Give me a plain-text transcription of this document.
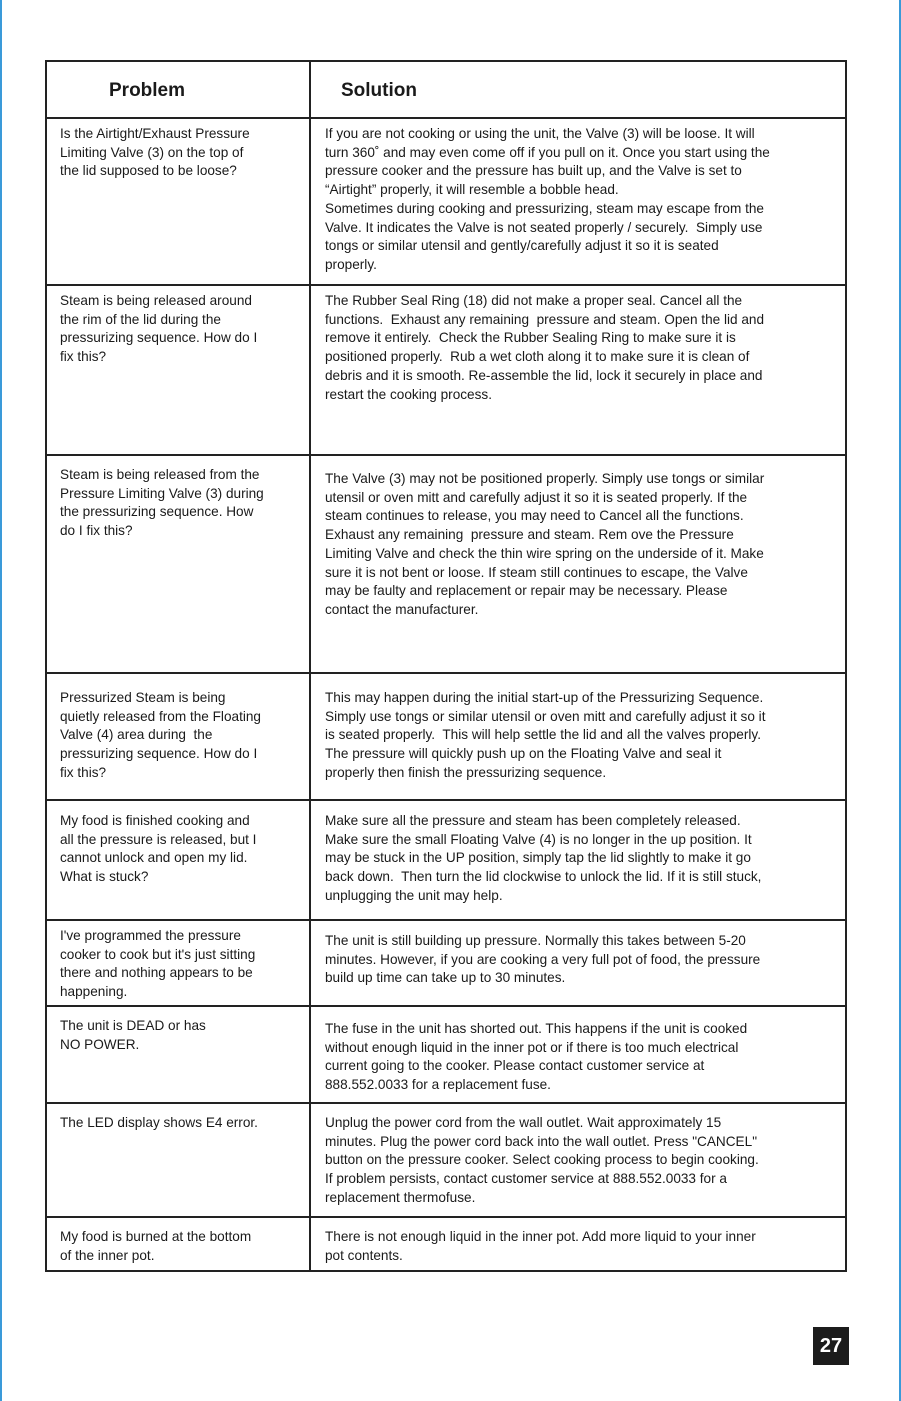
Problem	Solution
Is the Airtight/Exhaust Pressure
Limiting Valve (3) on the top of
the lid supposed to be loose?
If you are not cooking or using the unit, the Valve (3) will be loose. It will
turn 360˚ and may even come off if you pull on it. Once you start using the
pressure cooker and the pressure has built up, and the Valve is set to
“Airtight” properly, it will resemble a bobble head.
Sometimes during cooking and pressurizing, steam may escape from the
Valve. It indicates the Valve is not seated properly / securely.  Simply use
tongs or similar utensil and gently/carefully adjust it so it is seated
properly.
Steam is being released around
the rim of the lid during the
pressurizing sequence. How do I
fix this?
The Rubber Seal Ring (18) did not make a proper seal. Cancel all the
functions.  Exhaust any remaining  pressure and steam. Open the lid and
remove it entirely.  Check the Rubber Sealing Ring to make sure it is
positioned properly.  Rub a wet cloth along it to make sure it is clean of
debris and it is smooth. Re-assemble the lid, lock it securely in place and
restart the cooking process.
Steam is being released from the
Pressure Limiting Valve (3) during
the pressurizing sequence. How
do I fix this?
The Valve (3) may not be positioned properly. Simply use tongs or similar
utensil or oven mitt and carefully adjust it so it is seated properly. If the
steam continues to release, you may need to Cancel all the functions.
Exhaust any remaining  pressure and steam. Rem ove the Pressure
Limiting Valve and check the thin wire spring on the underside of it. Make
sure it is not bent or loose. If steam still continues to escape, the Valve
may be faulty and replacement or repair may be necessary. Please
contact the manufacturer.
Pressurized Steam is being
quietly released from the Floating
Valve (4) area during  the
pressurizing sequence. How do I
fix this?
This may happen during the initial start-up of the Pressurizing Sequence.
Simply use tongs or similar utensil or oven mitt and carefully adjust it so it
is seated properly.  This will help settle the lid and all the valves properly.
The pressure will quickly push up on the Floating Valve and seal it
properly then finish the pressurizing sequence.
My food is finished cooking and
all the pressure is released, but I
cannot unlock and open my lid.
What is stuck?
Make sure all the pressure and steam has been completely released.
Make sure the small Floating Valve (4) is no longer in the up position. It
may be stuck in the UP position, simply tap the lid slightly to make it go
back down.  Then turn the lid clockwise to unlock the lid. If it is still stuck,
unplugging the unit may help.
I've programmed the pressure
cooker to cook but it's just sitting
there and nothing appears to be
happening.
The unit is still building up pressure. Normally this takes between 5-20
minutes. However, if you are cooking a very full pot of food, the pressure
build up time can take up to 30 minutes.
The unit is DEAD or has
NO POWER.
The fuse in the unit has shorted out. This happens if the unit is cooked
without enough liquid in the inner pot or if there is too much electrical
current going to the cooker. Please contact customer service at
888.552.0033 for a replacement fuse.
The LED display shows E4 error.	Unplug the power cord from the wall outlet. Wait approximately 15
minutes. Plug the power cord back into the wall outlet. Press "CANCEL"
button on the pressure cooker. Select cooking process to begin cooking.
If problem persists, contact customer service at 888.552.0033 for a
replacement thermofuse.
My food is burned at the bottom
of the inner pot.
There is not enough liquid in the inner pot. Add more liquid to your inner
pot contents.
27
